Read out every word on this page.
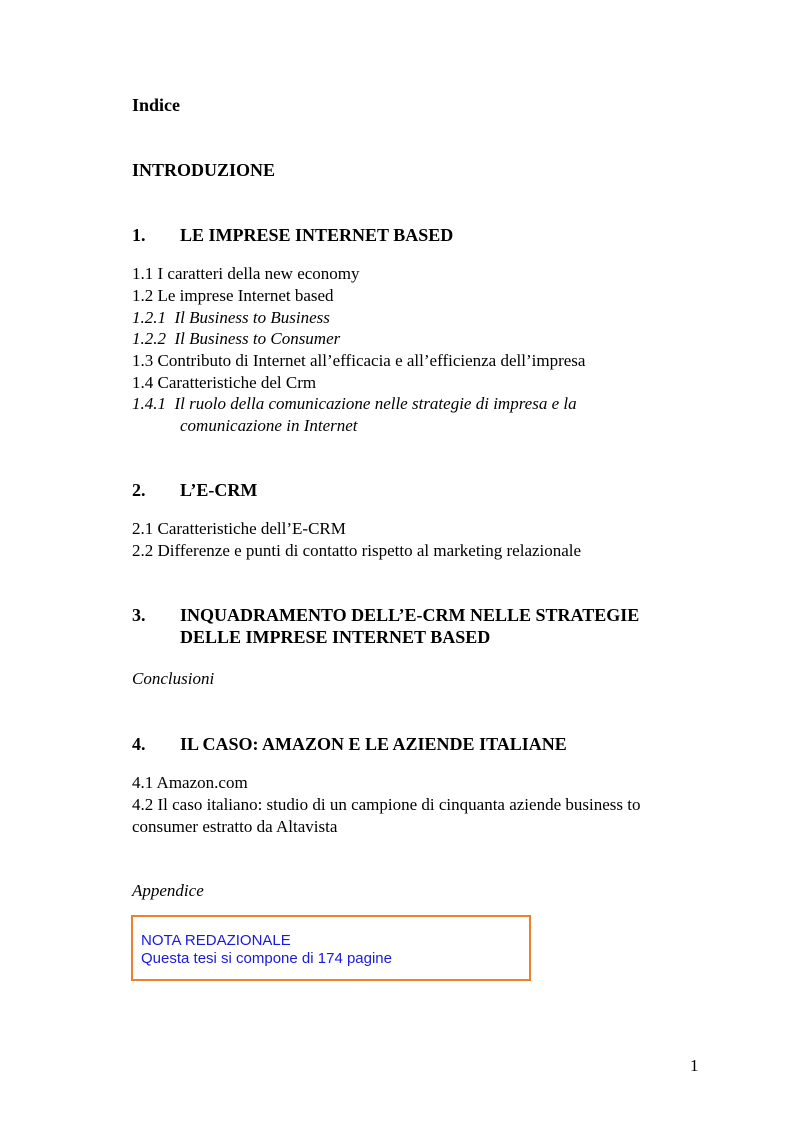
Indice
INTRODUZIONE
1. LE IMPRESE INTERNET BASED
1.1 I caratteri della new economy
1.2 Le imprese Internet based
1.2.1  Il Business to Business
1.2.2  Il Business to Consumer
1.3 Contributo di Internet all’efficacia e all’efficienza dell’impresa
1.4 Caratteristiche del Crm
1.4.1  Il ruolo della comunicazione nelle strategie di impresa e la
comunicazione in Internet
2. L’E-CRM
2.1 Caratteristiche dell’E-CRM
2.2 Differenze e punti di contatto rispetto al marketing relazionale
3. INQUADRAMENTO DELL’E-CRM NELLE STRATEGIE
DELLE IMPRESE INTERNET BASED
Conclusioni
4. IL CASO: AMAZON E LE AZIENDE ITALIANE
4.1 Amazon.com
4.2 Il caso italiano: studio di un campione di cinquanta aziende business to
consumer estratto da Altavista
Appendice
NOTA REDAZIONALE
Questa tesi si compone di 174 pagine
1
